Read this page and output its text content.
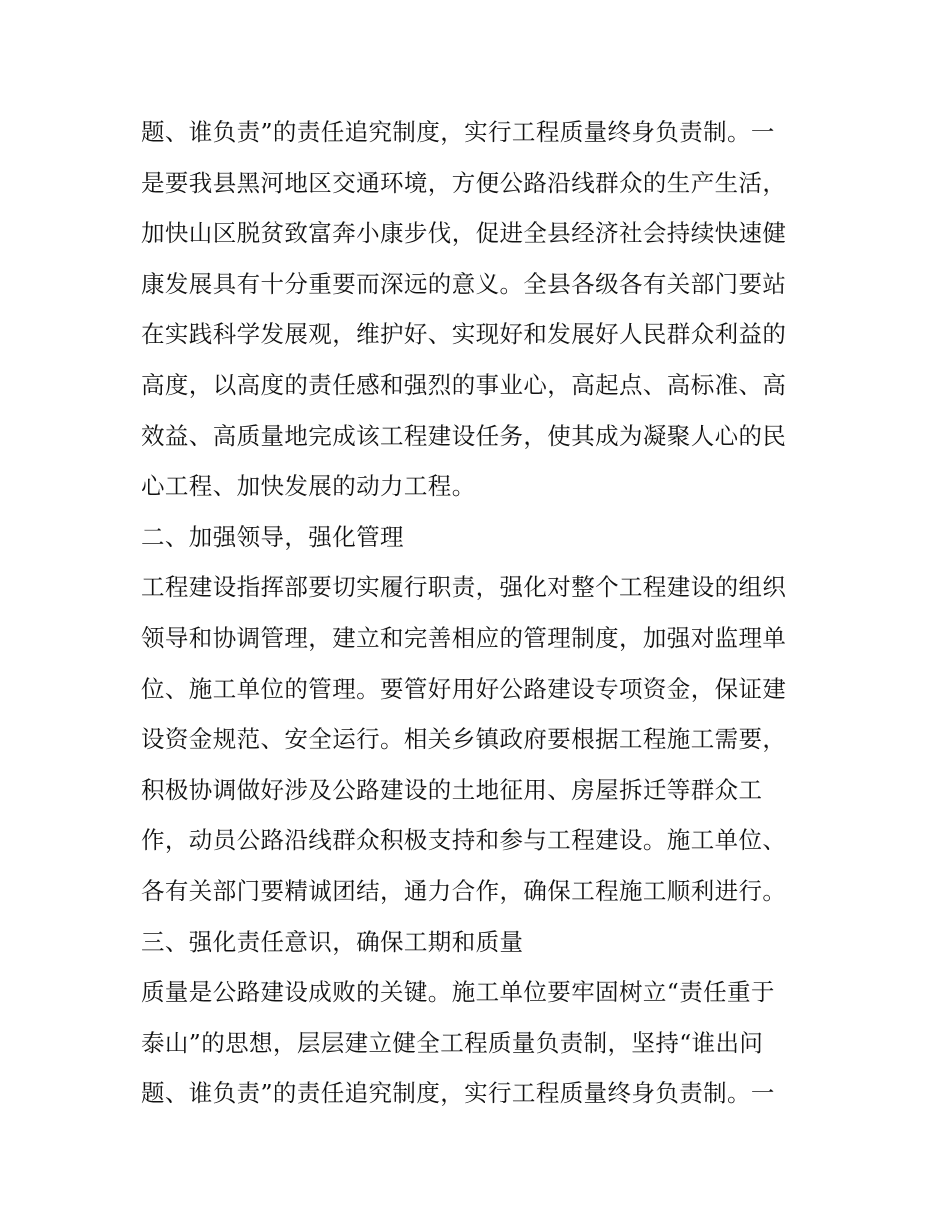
题、谁负责”的责任追究制度，实行工程质量终身负责制。一
是要我县黑河地区交通环境，方便公路沿线群众的生产生活，
加快山区脱贫致富奔小康步伐，促进全县经济社会持续快速健
康发展具有十分重要而深远的意义。全县各级各有关部门要站
在实践科学发展观，维护好、实现好和发展好人民群众利益的
高度，以高度的责任感和强烈的事业心，高起点、高标准、高
效益、高质量地完成该工程建设任务，使其成为凝聚人心的民
心工程、加快发展的动力工程。
二、加强领导，强化管理
工程建设指挥部要切实履行职责，强化对整个工程建设的组织
领导和协调管理，建立和完善相应的管理制度，加强对监理单
位、施工单位的管理。要管好用好公路建设专项资金，保证建
设资金规范、安全运行。相关乡镇政府要根据工程施工需要，
积极协调做好涉及公路建设的土地征用、房屋拆迁等群众工
作，动员公路沿线群众积极支持和参与工程建设。施工单位、
各有关部门要精诚团结，通力合作，确保工程施工顺利进行。
三、强化责任意识，确保工期和质量
质量是公路建设成败的关键。施工单位要牢固树立“责任重于
泰山”的思想，层层建立健全工程质量负责制，坚持“谁出问
题、谁负责”的责任追究制度，实行工程质量终身负责制。一
